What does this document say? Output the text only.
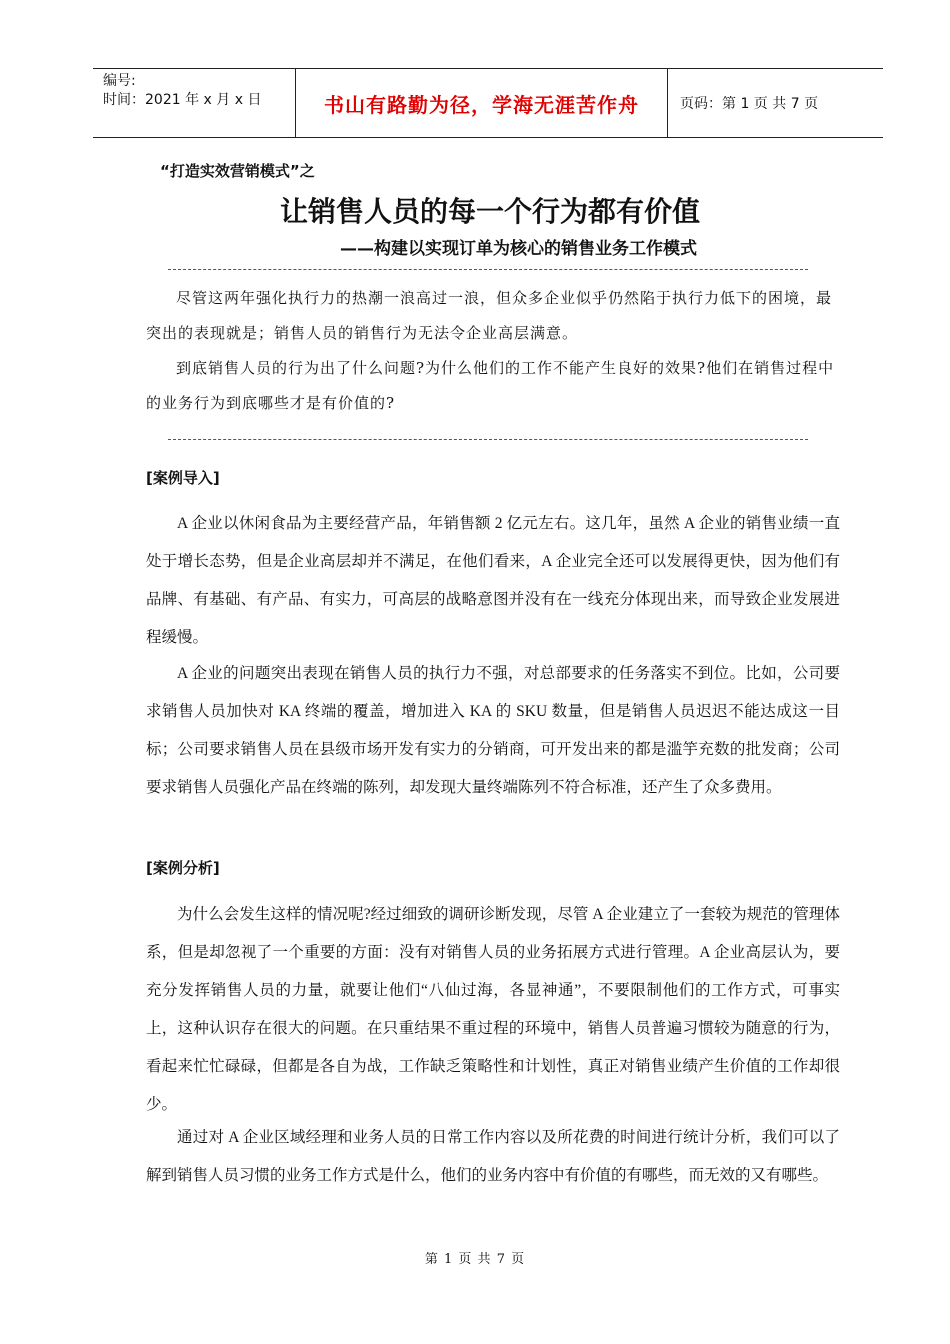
编号:
时间：2021 年 x 月 x 日	书山有路勤为径，学海无涯苦作舟	页码：第 1 页 共 7 页
“打造实效营销模式”之
让销售人员的每一个行为都有价值
——构建以实现订单为核心的销售业务工作模式

尽管这两年强化执行力的热潮一浪高过一浪，但众多企业似乎仍然陷于执行力低下的困境，最突出的表现就是；销售人员的销售行为无法令企业高层满意。

到底销售人员的行为出了什么问题?为什么他们的工作不能产生良好的效果?他们在销售过程中的业务行为到底哪些才是有价值的?

[案例导入]

A 企业以休闲食品为主要经营产品，年销售额 2 亿元左右。这几年，虽然 A 企业的销售业绩一直处于增长态势，但是企业高层却并不满足，在他们看来，A 企业完全还可以发展得更快，因为他们有品牌、有基础、有产品、有实力，可高层的战略意图并没有在一线充分体现出来，而导致企业发展进程缓慢。

A 企业的问题突出表现在销售人员的执行力不强，对总部要求的任务落实不到位。比如，公司要求销售人员加快对 KA 终端的覆盖，增加进入 KA 的 SKU 数量，但是销售人员迟迟不能达成这一目标；公司要求销售人员在县级市场开发有实力的分销商，可开发出来的都是滥竽充数的批发商；公司要求销售人员强化产品在终端的陈列，却发现大量终端陈列不符合标准，还产生了众多费用。

[案例分析]

为什么会发生这样的情况呢?经过细致的调研诊断发现，尽管 A 企业建立了一套较为规范的管理体系，但是却忽视了一个重要的方面：没有对销售人员的业务拓展方式进行管理。A 企业高层认为，要充分发挥销售人员的力量，就要让他们“八仙过海，各显神通”，不要限制他们的工作方式，可事实上，这种认识存在很大的问题。在只重结果不重过程的环境中，销售人员普遍习惯较为随意的行为，看起来忙忙碌碌，但都是各自为战，工作缺乏策略性和计划性，真正对销售业绩产生价值的工作却很少。

通过对 A 企业区域经理和业务人员的日常工作内容以及所花费的时间进行统计分析，我们可以了解到销售人员习惯的业务工作方式是什么，他们的业务内容中有价值的有哪些，而无效的又有哪些。

第 1 页 共 7 页
